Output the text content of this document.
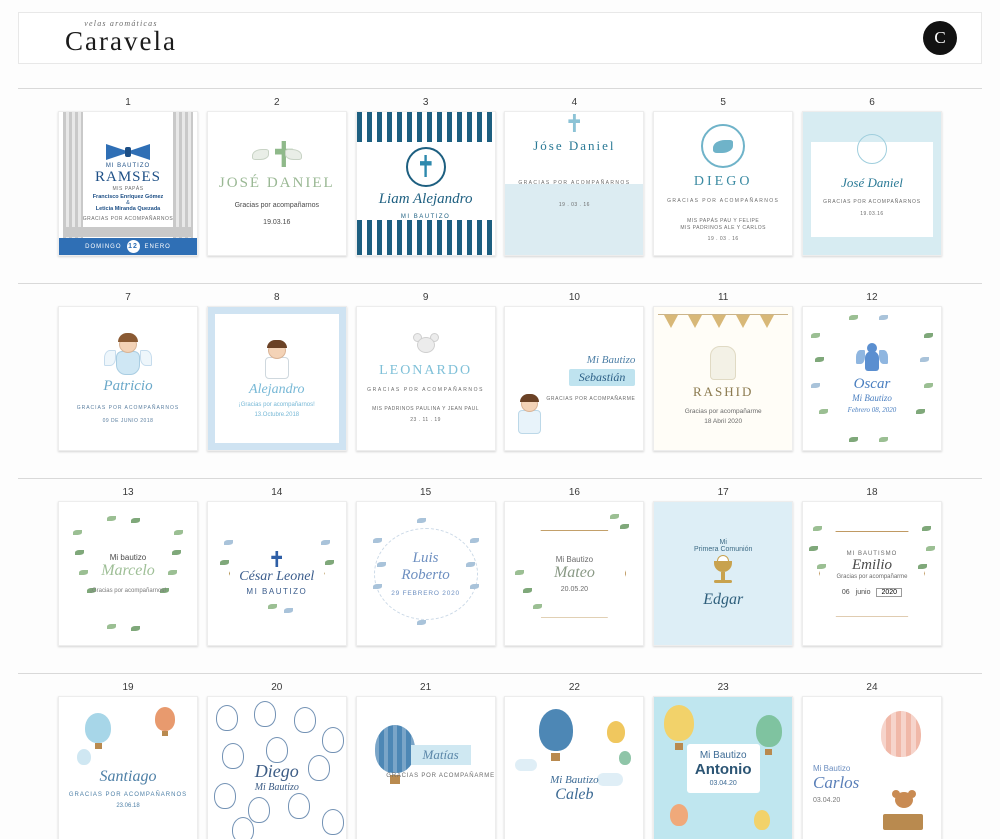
velas aromáticas
Caravela	C
1
MI BAUTIZO
RAMSES
MIS PAPÁS
Francisco Enríquez Gómez
&
Leticia Miranda Quezada
GRACIAS POR ACOMPAÑARNOS
DOMINGO 12 ENERO
2
JOSÉ DANIEL
Gracias por acompañarnos
19.03.16
3
Liam Alejandro
MI BAUTIZO
4
Jóse Daniel
GRACIAS POR ACOMPAÑARNOS
19 . 03 . 16
5
DIEGO
GRACIAS POR ACOMPAÑARNOS
MIS PAPÁS PAU Y FELIPE
MIS PADRINOS ALE Y CARLOS
19 . 03 . 16
6
José Daniel
GRACIAS POR ACOMPAÑARNOS
19.03.16
7
Patricio
GRACIAS POR ACOMPAÑARNOS
09 DE JUNIO 2018
8
Alejandro
¡Gracias por acompañarnos!
13.Octubre.2018
9
LEONARDO
GRACIAS POR ACOMPAÑARNOS
MIS PADRINOS PAULINA Y JEAN PAUL
23 . 11 . 19
10
Mi Bautizo
Sebastián
GRACIAS POR ACOMPAÑARME
11
RASHID
Gracias por acompañarme
18 Abril 2020
12
Oscar
Mi Bautizo
Febrero 08, 2020
13
Mi bautizo
Marcelo
¡Gracias por acompañarnos!
14
César Leonel
MI BAUTIZO
15
Luis
Roberto
29 FEBRERO 2020
16
Mi Bautizo
Mateo
20.05.20
17
Mi
Primera Comunión
Edgar
18
MI BAUTISMO
Emilio
Gracias por acompañarme
06 junio	2020
19
Santiago
GRACIAS POR ACOMPAÑARNOS
23.06.18
20
Diego
Mi Bautizo
21
Matías
GRACIAS POR ACOMPAÑARME
22
Mi Bautizo
Caleb
23
Mi Bautizo
Antonio
03.04.20
24
Mi Bautizo
Carlos
03.04.20
